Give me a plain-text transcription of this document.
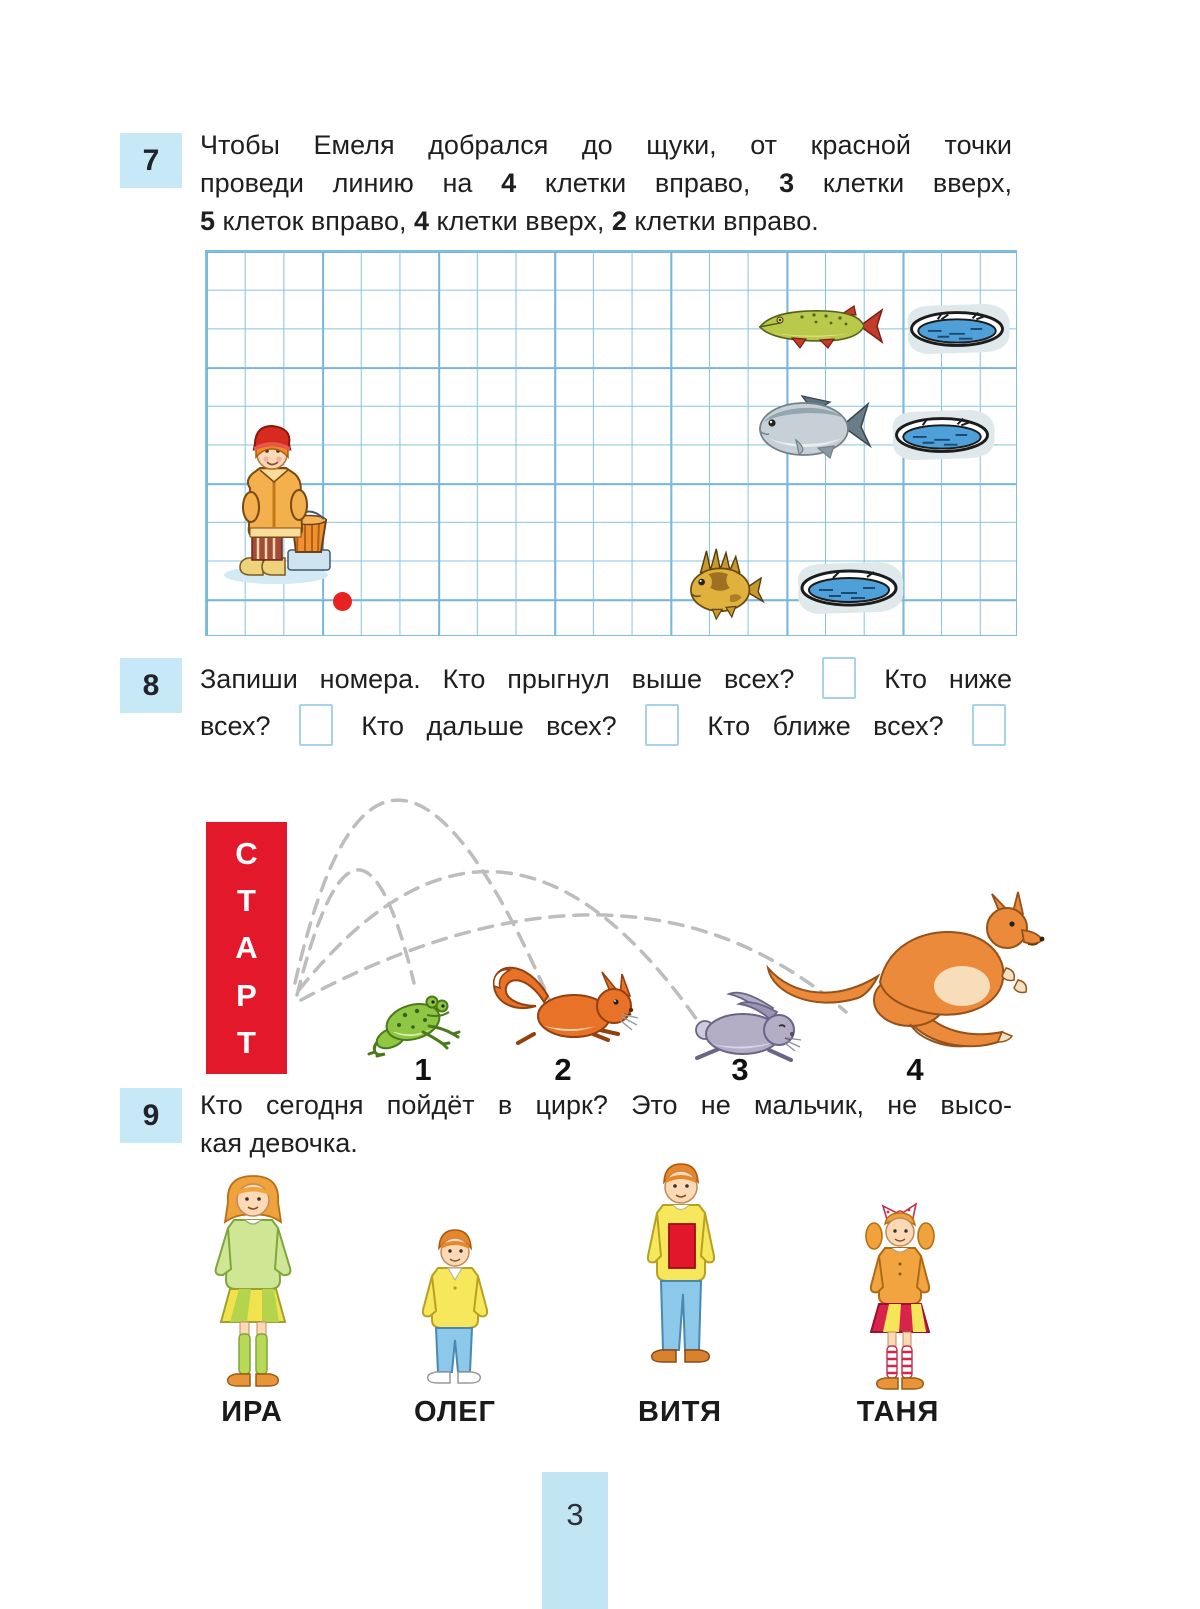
7 Чтобы Емеля добрался до щуки, от красной точки
проведи линию на 4 клетки вправо, 3 клетки вверх,
5 клеток вправо, 4 клетки вверх, 2 клетки вправо.
8 Запиши номера. Кто прыгнул выше всех?  Кто ниже
всех?  Кто дальше всех?  Кто ближе всех?
С
Т
А
Р
Т
1	2	3	4
9 Кто сегодня пойдёт в цирк? Это не мальчик, не высо-
кая девочка.
ИРА	ОЛЕГ	ВИТЯ	ТАНЯ
3
